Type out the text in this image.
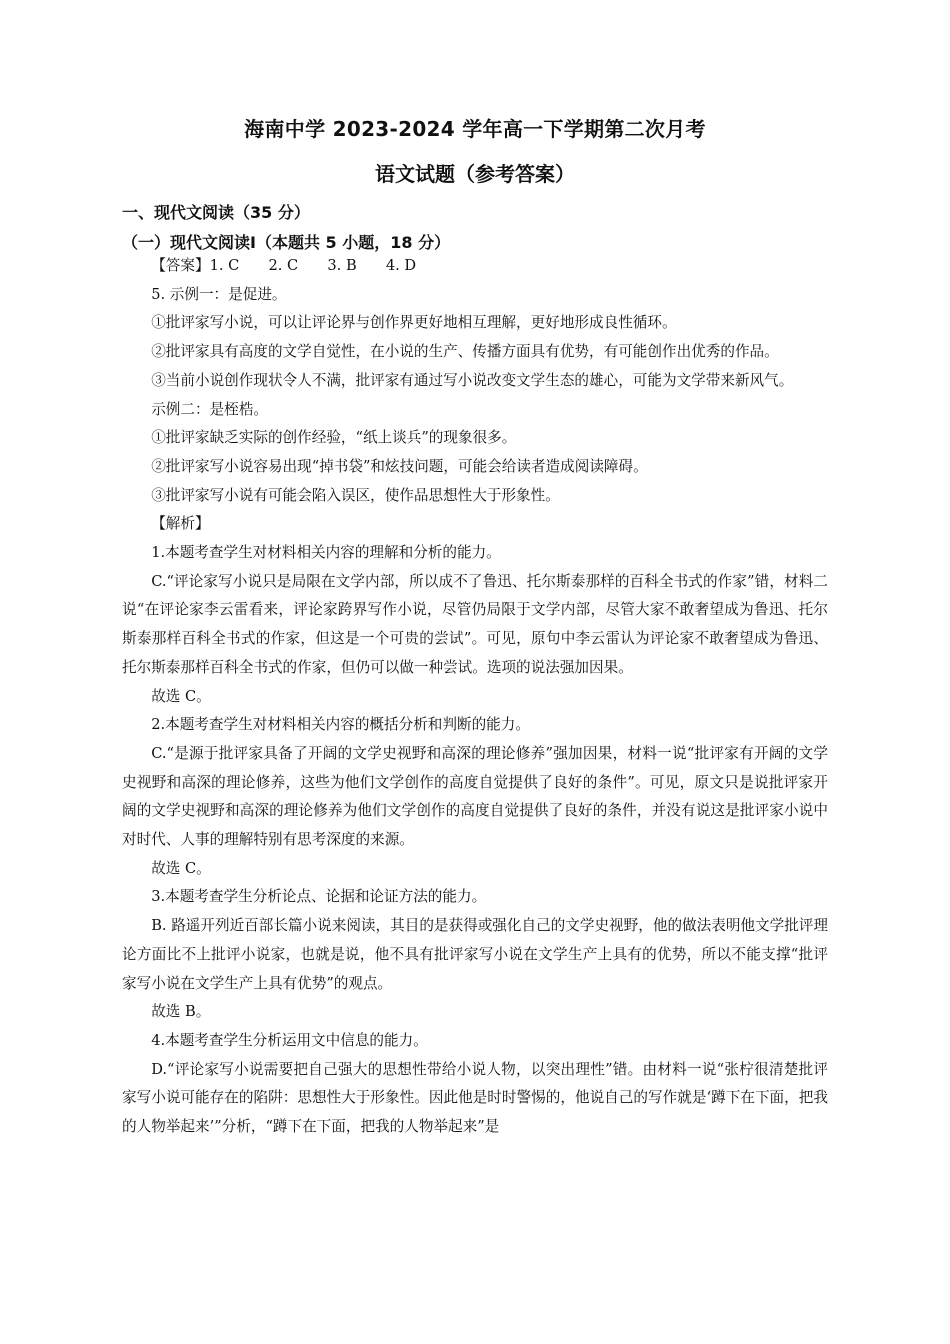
海南中学 2023-2024 学年高一下学期第二次月考
语文试题（参考答案）
一、现代文阅读（35 分）
（一）现代文阅读Ⅰ（本题共 5 小题，18 分）

【答案】1. C　　2. C　　3. B　　4. D

5. 示例一：是促进。

①批评家写小说，可以让评论界与创作界更好地相互理解，更好地形成良性循环。

②批评家具有高度的文学自觉性，在小说的生产、传播方面具有优势，有可能创作出优秀的作品。

③当前小说创作现状令人不满，批评家有通过写小说改变文学生态的雄心，可能为文学带来新风气。

示例二：是桎梏。

①批评家缺乏实际的创作经验，“纸上谈兵”的现象很多。

②批评家写小说容易出现“掉书袋”和炫技问题，可能会给读者造成阅读障碍。

③批评家写小说有可能会陷入误区，使作品思想性大于形象性。

【解析】

1.本题考查学生对材料相关内容的理解和分析的能力。

C.“评论家写小说只是局限在文学内部，所以成不了鲁迅、托尔斯泰那样的百科全书式的作家”错，材料二说“在评论家李云雷看来，评论家跨界写作小说，尽管仍局限于文学内部，尽管大家不敢奢望成为鲁迅、托尔斯泰那样百科全书式的作家，但这是一个可贵的尝试”。可见，原句中李云雷认为评论家不敢奢望成为鲁迅、托尔斯泰那样百科全书式的作家，但仍可以做一种尝试。选项的说法强加因果。

故选 C。

2.本题考查学生对材料相关内容的概括分析和判断的能力。

C.“是源于批评家具备了开阔的文学史视野和高深的理论修养”强加因果，材料一说“批评家有开阔的文学史视野和高深的理论修养，这些为他们文学创作的高度自觉提供了良好的条件”。可见，原文只是说批评家开阔的文学史视野和高深的理论修养为他们文学创作的高度自觉提供了良好的条件，并没有说这是批评家小说中对时代、人事的理解特别有思考深度的来源。

故选 C。

3.本题考查学生分析论点、论据和论证方法的能力。

B. 路遥开列近百部长篇小说来阅读，其目的是获得或强化自己的文学史视野，他的做法表明他文学批评理论方面比不上批评小说家，也就是说，他不具有批评家写小说在文学生产上具有的优势，所以不能支撑“批评家写小说在文学生产上具有优势”的观点。

故选 B。

4.本题考查学生分析运用文中信息的能力。

D.“评论家写小说需要把自己强大的思想性带给小说人物，以突出理性”错。由材料一说“张柠很清楚批评家写小说可能存在的陷阱：思想性大于形象性。因此他是时时警惕的，他说自己的写作就是‘蹲下在下面，把我的人物举起来’”分析，“蹲下在下面，把我的人物举起来”是
